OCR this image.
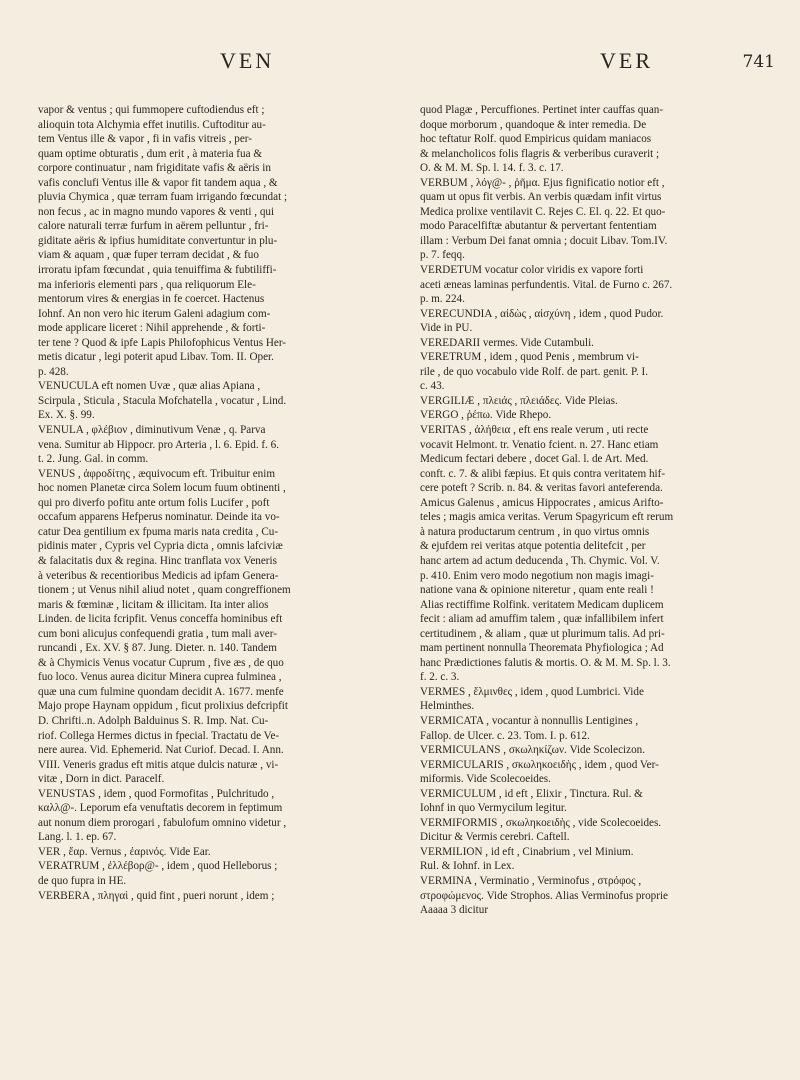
VEN	VER	741
vapor & ventus ; qui fummopere cuftodiendus eft ;
alioquin tota Alchymia effet inutilis. Cuftoditur au-
tem Ventus ille & vapor , fi in vafis vitreis , per-
quam optime obturatis , dum erit , à materia fua &
corpore continuatur , nam frigiditate vafis & aëris in
vafis conclufi Ventus ille & vapor fit tandem aqua , &
pluvia Chymica , quæ terram fuam irrigando fœcundat ;
non fecus , ac in magno mundo vapores & venti , qui
calore naturali terræ furfum in aërem pelluntur , fri-
giditate aëris & ipfius humiditate convertuntur in plu-
viam & aquam , quæ fuper terram decidat , & fuo
irroratu ipfam fœcundat , quia tenuiffima & fubtiliffi-
ma inferioris elementi pars , qua reliquorum Ele-
mentorum vires & energias in fe coercet. Hactenus
Iohnf. An non vero hic iterum Galeni adagium com-
mode applicare liceret : Nihil apprehende , & forti-
ter tene ? Quod & ipfe Lapis Philofophicus Ventus Her-
metis dicatur , legi poterit apud Libav. Tom. II. Oper.
p. 428.
VENUCULA eft nomen Uvæ , quæ alias Apiana ,
Scirpula , Sticula , Stacula Mofchatella , vocatur , Lind.
Ex. X. §. 99.
VENULA , φλέβιον , diminutivum Venæ , q. Parva
vena. Sumitur ab Hippocr. pro Arteria , l. 6. Epid. f. 6.
t. 2. Jung. Gal. in comm.
VENUS , ἀφροδίτης , æquivocum eft. Tribuitur enim
hoc nomen Planetæ circa Solem locum fuum obtinenti ,
qui pro diverfo pofitu ante ortum folis Lucifer , poft
occafum apparens Hefperus nominatur. Deinde ita vo-
catur Dea gentilium ex fpuma maris nata credita , Cu-
pidinis mater , Cypris vel Cypria dicta , omnis lafciviæ
& falacitatis dux & regina. Hinc tranflata vox Veneris
à veteribus & recentioribus Medicis ad ipfam Genera-
tionem ; ut Venus nihil aliud notet , quam congreffionem
maris & fœminæ , licitam & illicitam. Ita inter alios
Linden. de licita fcripfit. Venus conceffa hominibus eft
cum boni alicujus confequendi gratia , tum mali aver-
runcandi , Ex. XV. § 87. Jung. Dieter. n. 140. Tandem
& à Chymicis Venus vocatur Cuprum , five æs , de quo
fuo loco. Venus aurea dicitur Minera cuprea fulminea ,
quæ una cum fulmine quondam decidit A. 1677. menfe
Majo prope Haynam oppidum , ficut prolixius defcripfit
D. Chrifti..n. Adolph Balduinus S. R. Imp. Nat. Cu-
riof. Collega Hermes dictus in fpecial. Tractatu de Ve-
nere aurea. Vid. Ephemerid. Nat Curiof. Decad. I. Ann.
VIII. Veneris gradus eft mitis atque dulcis naturæ , vi-
vitæ , Dorn in dict. Paracelf.
VENUSTAS , idem , quod Formofitas , Pulchritudo ,
καλλ@-. Leporum efa venuftatis decorem in feptimum
aut nonum diem prorogari , fabulofum omnino videtur ,
Lang. l. 1. ep. 67.
VER , ἔαρ. Vernus , ἐαρινός. Vide Ear.
VERATRUM , ἐλλέβορ@- , idem , quod Helleborus ;
de quo fupra in HE.
VERBERA , πληγαὶ , quid fint , pueri norunt , idem ;
quod Plagæ , Percuffiones. Pertinet inter cauffas quan-
doque morborum , quandoque & inter remedia. De
hoc teftatur Rolf. quod Empiricus quidam maniacos
& melancholicos folis flagris & verberibus curaverit ;
O. & M. M. Sp. l. 14. f. 3. c. 17.
VERBUM , λόγ@- , ῥῆμα. Ejus fignificatio notior eft ,
quam ut opus fit verbis. An verbis quædam infit virtus
Medica prolixe ventilavit C. Rejes C. El. q. 22. Et quo-
modo Paracelfiftæ abutantur & pervertant fententiam
illam : Verbum Dei fanat omnia ; docuit Libav. Tom.IV.
p. 7. feqq.
VERDETUM vocatur color viridis ex vapore forti
aceti æneas laminas perfundentis. Vital. de Furno c. 267.
p. m. 224.
VERECUNDIA , αἰδὼς , αἰσχύνη , idem , quod Pudor.
Vide in PU.
VEREDARII vermes. Vide Cutambuli.
VERETRUM , idem , quod Penis , membrum vi-
rile , de quo vocabulo vide Rolf. de part. genit. P. I.
c. 43.
VERGILIÆ , πλειάς , πλειάδες. Vide Pleias.
VERGO , ῥέπω. Vide Rhepo.
VERITAS , ἀλήθεια , eft ens reale verum , uti recte
vocavit Helmont. tr. Venatio fcient. n. 27. Hanc etiam
Medicum fectari debere , docet Gal. l. de Art. Med.
conft. c. 7. & alibi fæpius. Et quis contra veritatem hif-
cere poteft ? Scrib. n. 84. & veritas favori anteferenda.
Amicus Galenus , amicus Hippocrates , amicus Arifto-
teles ; magis amica veritas. Verum Spagyricum eft rerum
à natura productarum centrum , in quo virtus omnis
& ejufdem rei veritas atque potentia delitefcit , per
hanc artem ad actum deducenda , Th. Chymic. Vol. V.
p. 410. Enim vero modo negotium non magis imagi-
natione vana & opinione niteretur , quam ente reali !
Alias rectiffime Rolfink. veritatem Medicam duplicem
fecit : aliam ad amuffim talem , quæ infallibilem infert
certitudinem , & aliam , quæ ut plurimum talis. Ad pri-
mam pertinent nonnulla Theoremata Phyfiologica ; Ad
hanc Prædictiones falutis & mortis. O. & M. M. Sp. l. 3.
f. 2. c. 3.
VERMES , ἕλμινθες , idem , quod Lumbrici. Vide
Helminthes.
VERMICATA , vocantur à nonnullis Lentigines ,
Fallop. de Ulcer. c. 23. Tom. I. p. 612.
VERMICULANS , σκωληκίζων. Vide Scolecizon.
VERMICULARIS , σκωληκοειδὴς , idem , quod Ver-
miformis. Vide Scolecoeides.
VERMICULUM , id eft , Elixir , Tinctura. Rul. &
Iohnf in quo Vermycilum legitur.
VERMIFORMIS , σκωληκοειδὴς , vide Scolecoeides.
Dicitur & Vermis cerebri. Caftell.
VERMILION , id eft , Cinabrium , vel Minium.
Rul. & Iohnf. in Lex.
VERMINA , Verminatio , Verminofus , στρόφος ,
στροφώμενος. Vide Strophos. Alias Verminofus proprie
Aaaaa 3 dicitur
